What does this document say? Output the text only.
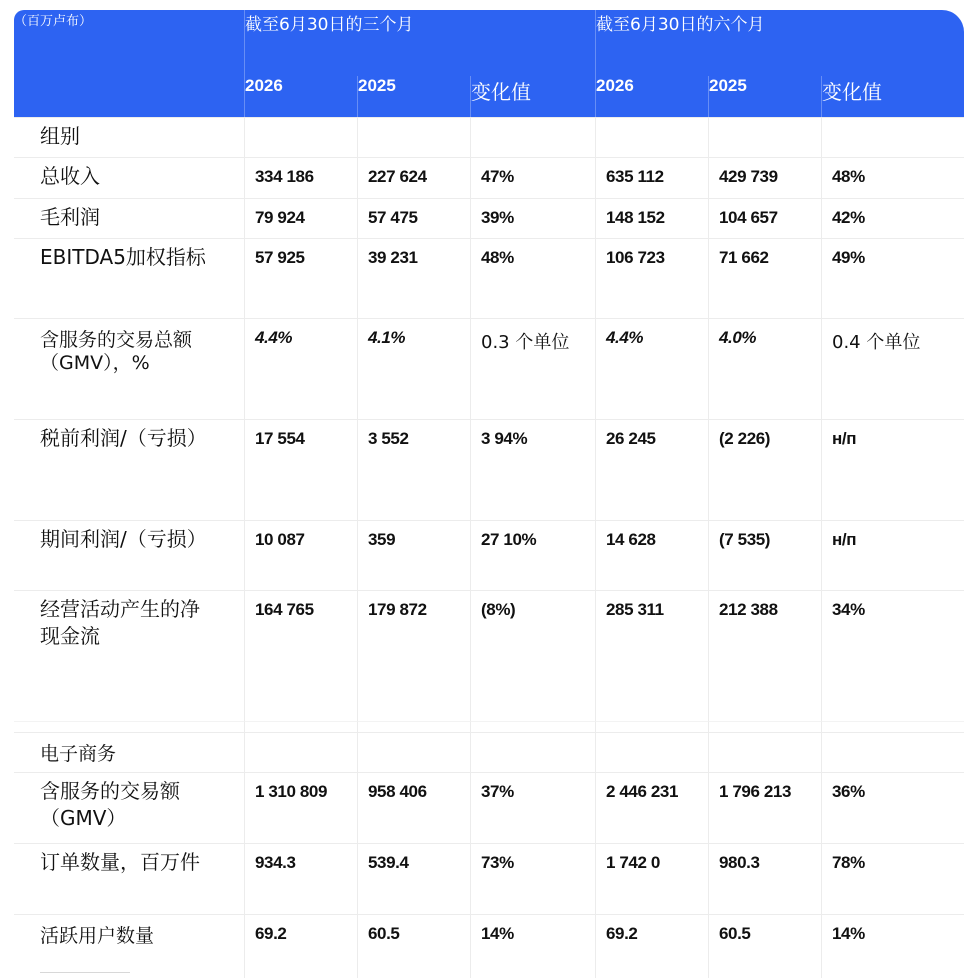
（百万卢布）	截至6月30日的三个月			截至6月30日的六个月		
	2026	2025	变化值	2026	2025	变化值
组别						
总收入	334 186	227 624	47%	635 112	429 739	48%
毛利润	79 924	57 475	39%	148 152	104 657	42%
EBITDA5加权指标	57 925	39 231	48%	106 723	71 662	49%
含服务的交易总额（GMV），%	4.4%	4.1%	0.3 个单位	4.4%	4.0%	0.4 个单位
税前利润/（亏损）	17 554	3 552	3 94%	26 245	(2 226)	н/п
期间利润/（亏损）	10 087	359	27 10%	14 628	(7 535)	н/п
经营活动产生的净现金流	164 765	179 872	(8%)	285 311	212 388	34%

电子商务						
含服务的交易额（GMV）	1 310 809	958 406	37%	2 446 231	1 796 213	36%
订单数量，百万件	934.3	539.4	73%	1 742 0	980.3	78%
活跃用户数量	69.2	60.5	14%	69.2	60.5	14%
